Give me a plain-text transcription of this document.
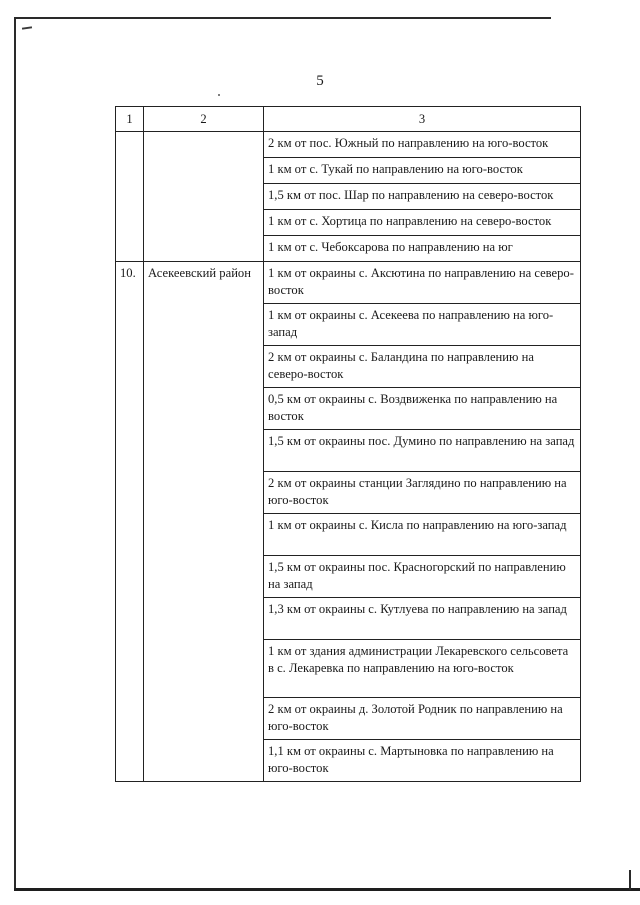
5
1	2	3
		2 км от пос. Южный по направлению на юго-восток
		1 км от с. Тукай по направлению на юго-восток
		1,5 км от пос. Шар по направлению на северо-восток
		1 км от с. Хортица по направлению на северо-восток
		1 км от с. Чебоксарова по направлению на юг
10.	Асекеевский район	1 км от окраины с. Аксютина по направлению на северо-восток
		1 км от окраины с. Асекеева по направлению на юго-запад
		2 км от окраины с. Баландина по направлению на северо-восток
		0,5 км от окраины с. Воздвиженка по направлению на восток
		1,5 км от окраины пос. Думино по направлению на запад
		2 км от окраины станции Заглядино по направлению на юго-восток
		1 км от окраины с. Кисла по направлению на юго-запад
		1,5 км от окраины пос. Красногорский по направлению на запад
		1,3 км от окраины с. Кутлуева по направлению на запад
		1 км от здания администрации Лекаревского сельсовета в с. Лекаревка по направлению на юго-восток
		2 км от окраины д. Золотой Родник по направлению на юго-восток
		1,1 км от окраины с. Мартыновка по направлению на юго-восток
